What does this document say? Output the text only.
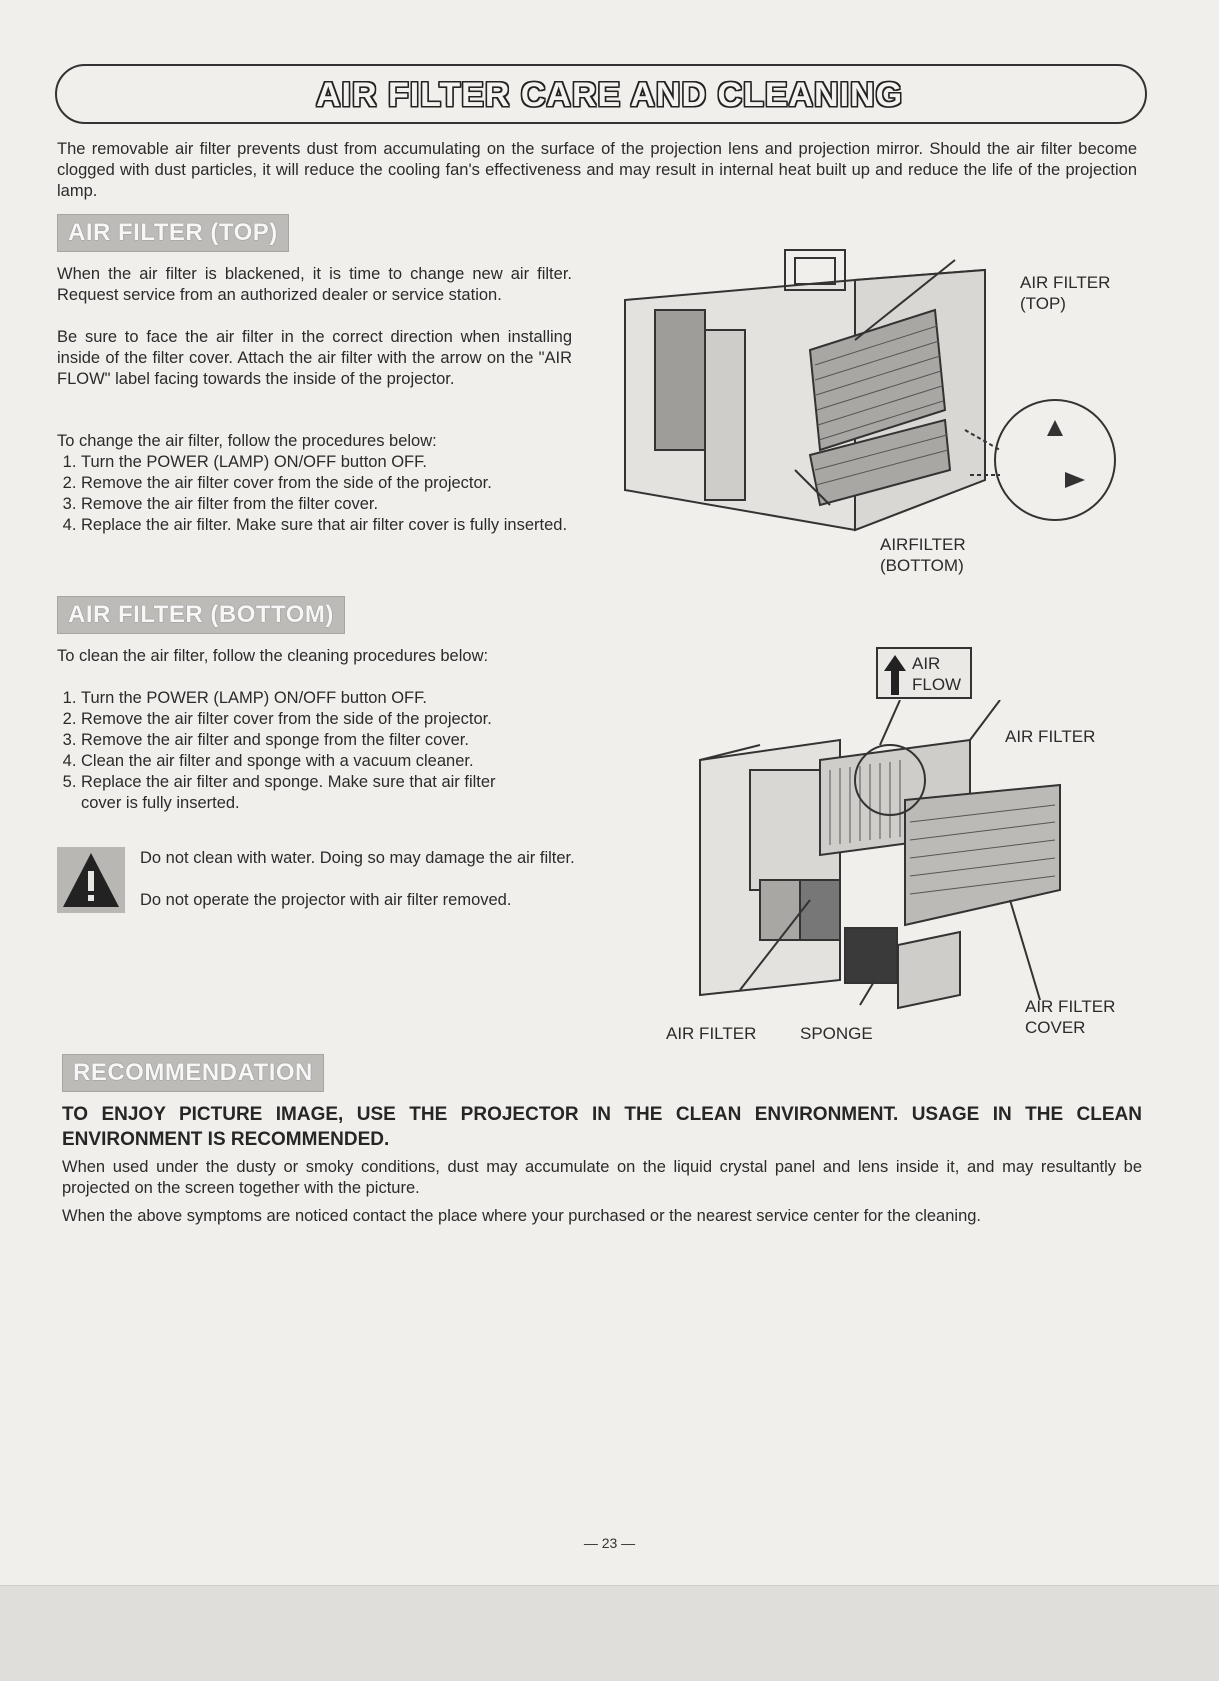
AIR FILTER CARE AND CLEANING
The removable air filter prevents dust from accumulating on the surface of the projection lens and projection mirror. Should the air filter become clogged with dust particles, it will reduce the cooling fan's effectiveness and may result in internal heat built up and reduce the life of the projection lamp.
AIR FILTER (TOP)
When the air filter is blackened, it is time to change new air filter. Request service from an authorized dealer or service station.
Be sure to face the air filter in the correct direction when installing inside of the filter cover. Attach the air filter with the arrow on the "AIR FLOW" label facing towards the inside of the projector.
To change the air filter, follow the procedures below:
1. Turn the POWER (LAMP) ON/OFF button OFF.
2. Remove the air filter cover from the side of the projector.
3. Remove the air filter from the filter cover.
4. Replace the air filter. Make sure that air filter cover is fully inserted.
AIR FILTER (BOTTOM)
To clean the air filter, follow the cleaning procedures below:
1. Turn the POWER (LAMP) ON/OFF button OFF.
2. Remove the air filter cover from the side of the projector.
3. Remove the air filter and sponge from the filter cover.
4. Clean the air filter and sponge with a vacuum cleaner.
5. Replace the air filter and sponge. Make sure that air filter cover is fully inserted.
Do not clean with water. Doing so may damage the air filter.
Do not operate the projector with air filter removed.
AIR FILTER
(TOP)
AIRFILTER
(BOTTOM)
AIR
FLOW
AIR FILTER
AIR FILTER	SPONGE
AIR FILTER
COVER
RECOMMENDATION
TO ENJOY PICTURE IMAGE, USE THE PROJECTOR IN THE CLEAN ENVIRONMENT. USAGE IN THE CLEAN ENVIRONMENT IS RECOMMENDED.
When used under the dusty or smoky conditions, dust may accumulate on the liquid crystal panel and lens inside it, and may resultantly be projected on the screen together with the picture.
When the above symptoms are noticed contact the place where your purchased or the nearest service center for the cleaning.
— 23 —
